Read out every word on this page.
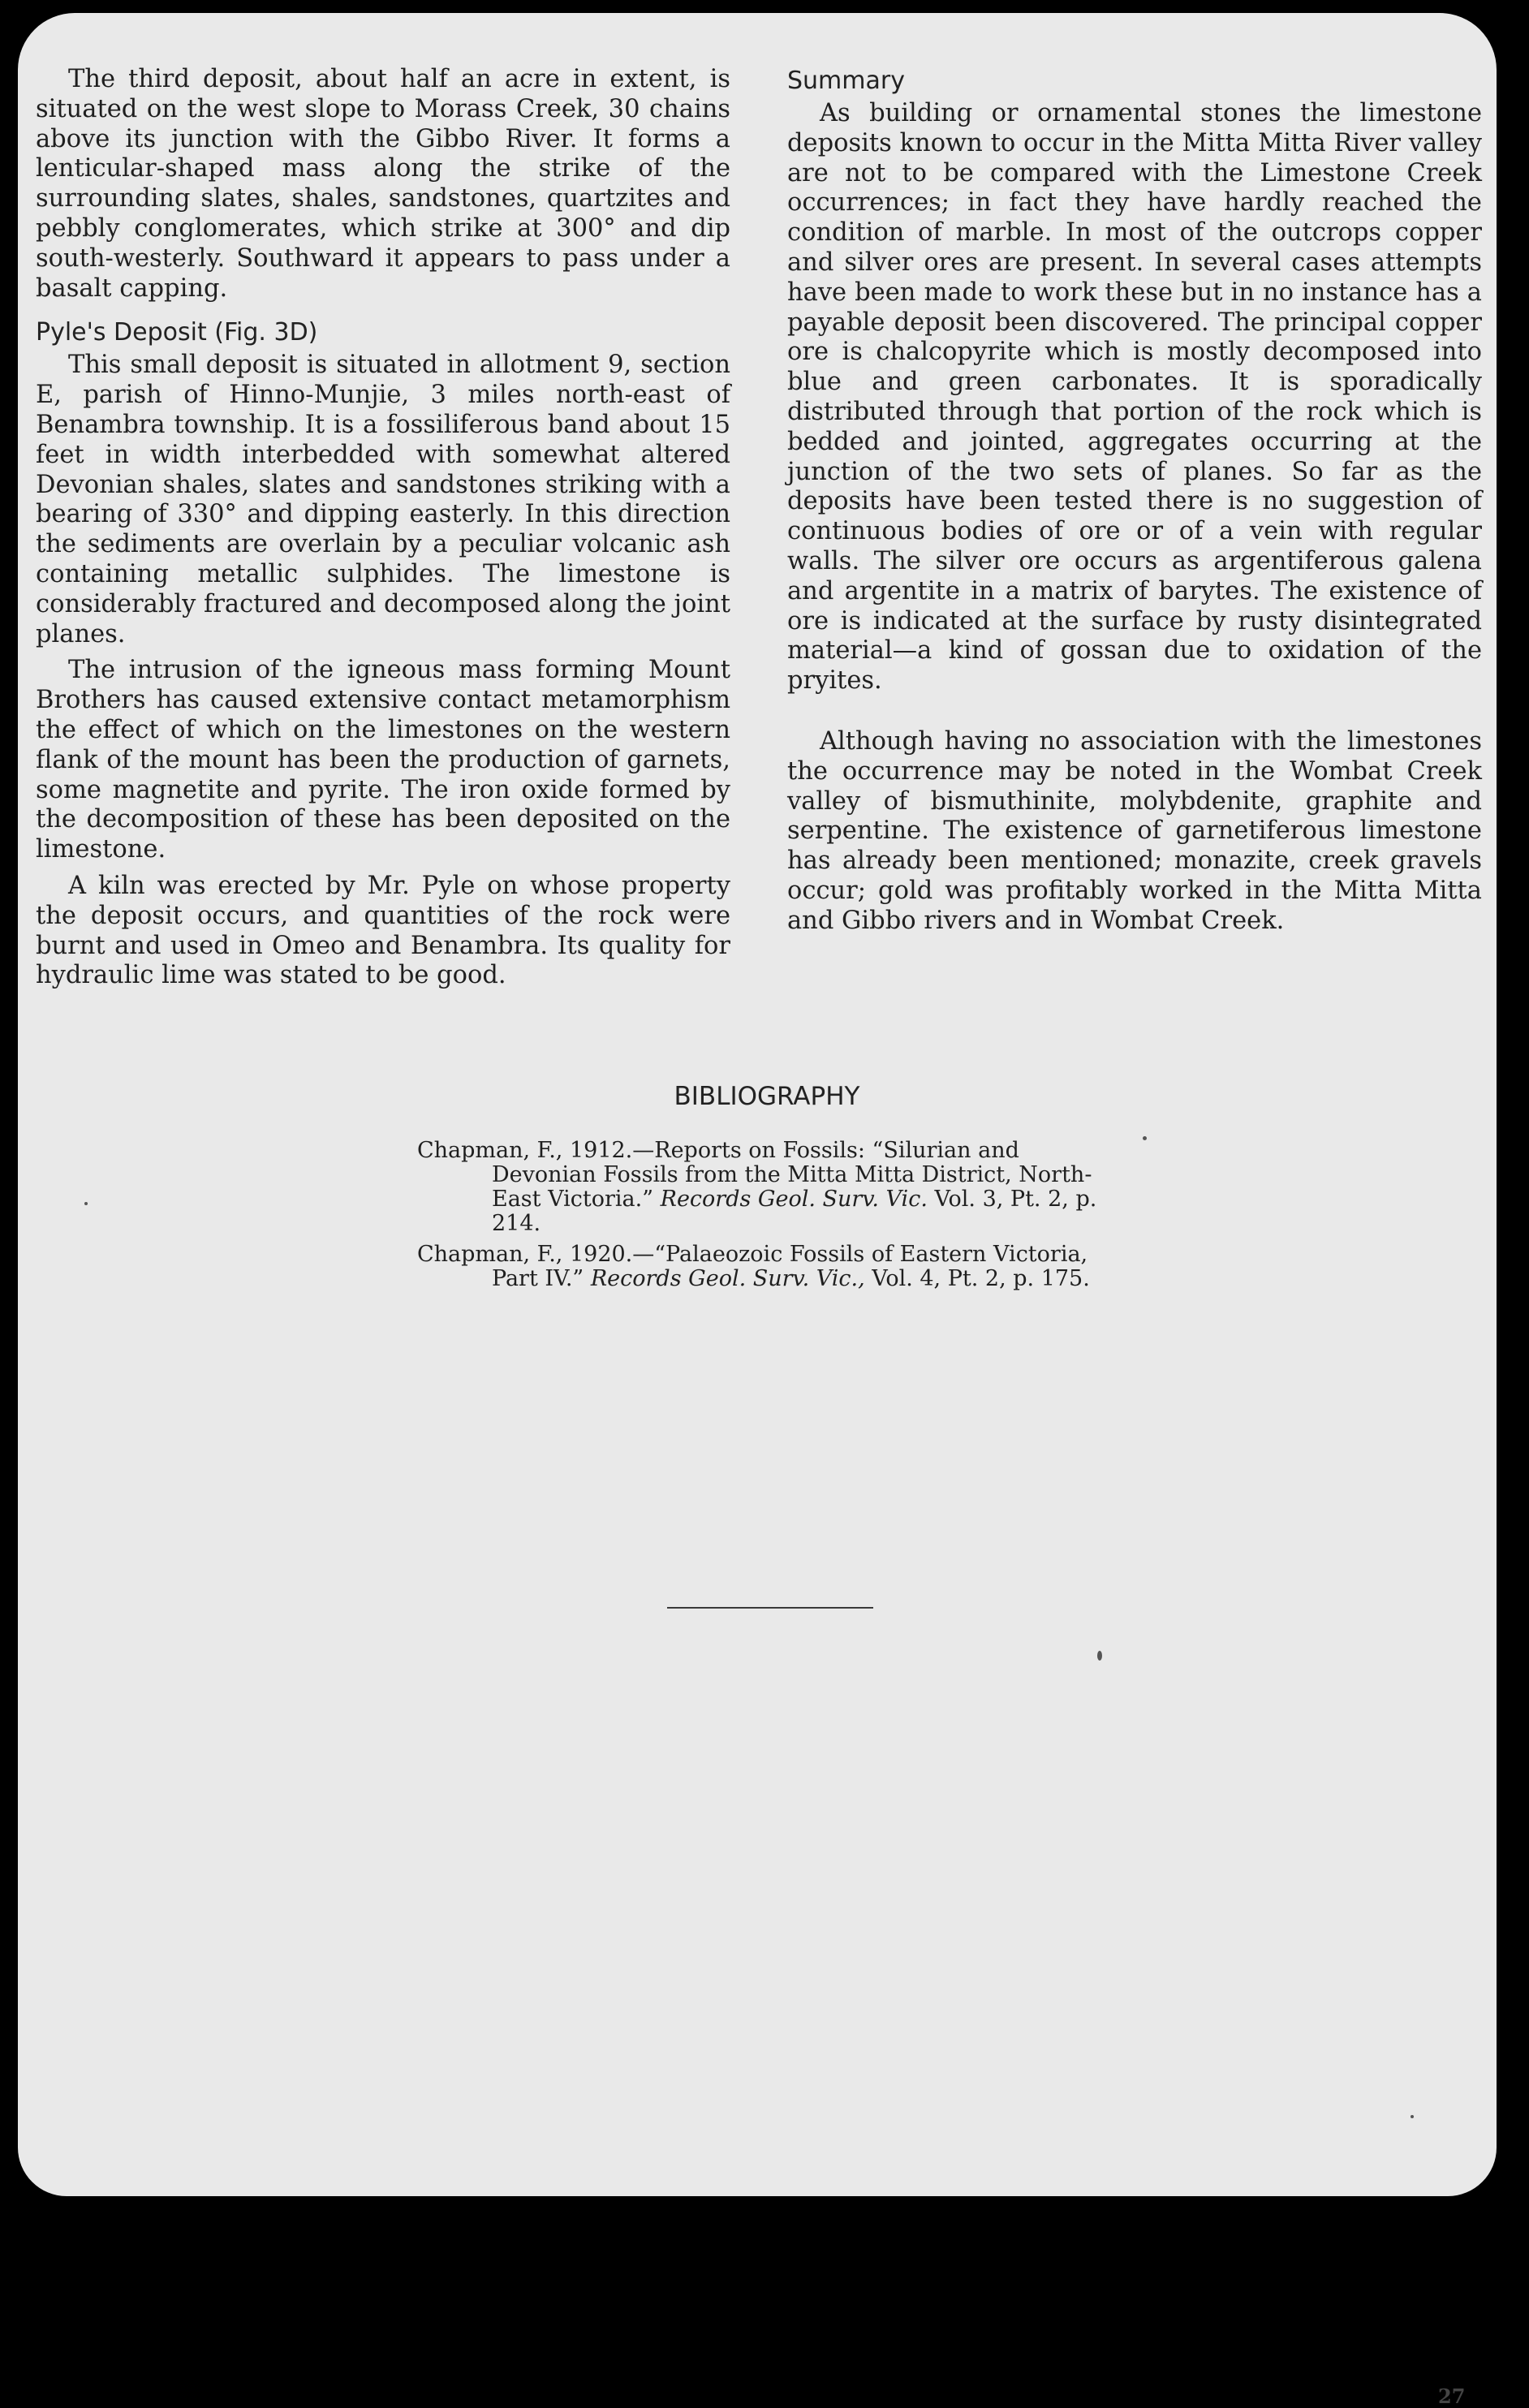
The third deposit, about half an acre in extent, is situated on the west slope to Morass Creek, 30 chains above its junction with the Gibbo River. It forms a lenticular-shaped mass along the strike of the surrounding slates, shales, sandstones, quartzites and pebbly conglomerates, which strike at 300° and dip south-westerly. Southward it appears to pass under a basalt capping.

Pyle's Deposit (Fig. 3D)

This small deposit is situated in allotment 9, section E, parish of Hinno-Munjie, 3 miles north-east of Benambra township. It is a fossiliferous band about 15 feet in width interbedded with somewhat altered Devonian shales, slates and sandstones striking with a bearing of 330° and dipping easterly. In this direction the sediments are overlain by a peculiar volcanic ash containing metallic sulphides. The limestone is considerably fractured and decomposed along the joint planes.

The intrusion of the igneous mass forming Mount Brothers has caused extensive contact metamorphism the effect of which on the limestones on the western flank of the mount has been the production of garnets, some magnetite and pyrite. The iron oxide formed by the decomposition of these has been deposited on the limestone.

A kiln was erected by Mr. Pyle on whose property the deposit occurs, and quantities of the rock were burnt and used in Omeo and Benambra. Its quality for hydraulic lime was stated to be good.

Summary

As building or ornamental stones the limestone deposits known to occur in the Mitta Mitta River valley are not to be compared with the Limestone Creek occurrences; in fact they have hardly reached the condition of marble. In most of the outcrops copper and silver ores are present. In several cases attempts have been made to work these but in no instance has a payable deposit been discovered. The principal copper ore is chalcopyrite which is mostly decomposed into blue and green carbonates. It is sporadically distributed through that portion of the rock which is bedded and jointed, aggregates occurring at the junction of the two sets of planes. So far as the deposits have been tested there is no suggestion of continuous bodies of ore or of a vein with regular walls. The silver ore occurs as argentiferous galena and argentite in a matrix of barytes. The existence of ore is indicated at the surface by rusty disintegrated material—a kind of gossan due to oxidation of the pryites.

Although having no association with the limestones the occurrence may be noted in the Wombat Creek valley of bismuthinite, molybdenite, graphite and serpentine. The existence of garnetiferous limestone has already been mentioned; monazite, creek gravels occur; gold was profitably worked in the Mitta Mitta and Gibbo rivers and in Wombat Creek.

BIBLIOGRAPHY
Chapman, F., 1912.—Reports on Fossils: “Silurian and Devonian Fossils from the Mitta Mitta District, North-East Victoria.” Records Geol. Surv. Vic. Vol. 3, Pt. 2, p. 214.
Chapman, F., 1920.—“Palaeozoic Fossils of Eastern Victoria, Part IV.” Records Geol. Surv. Vic., Vol. 4, Pt. 2, p. 175.
27
